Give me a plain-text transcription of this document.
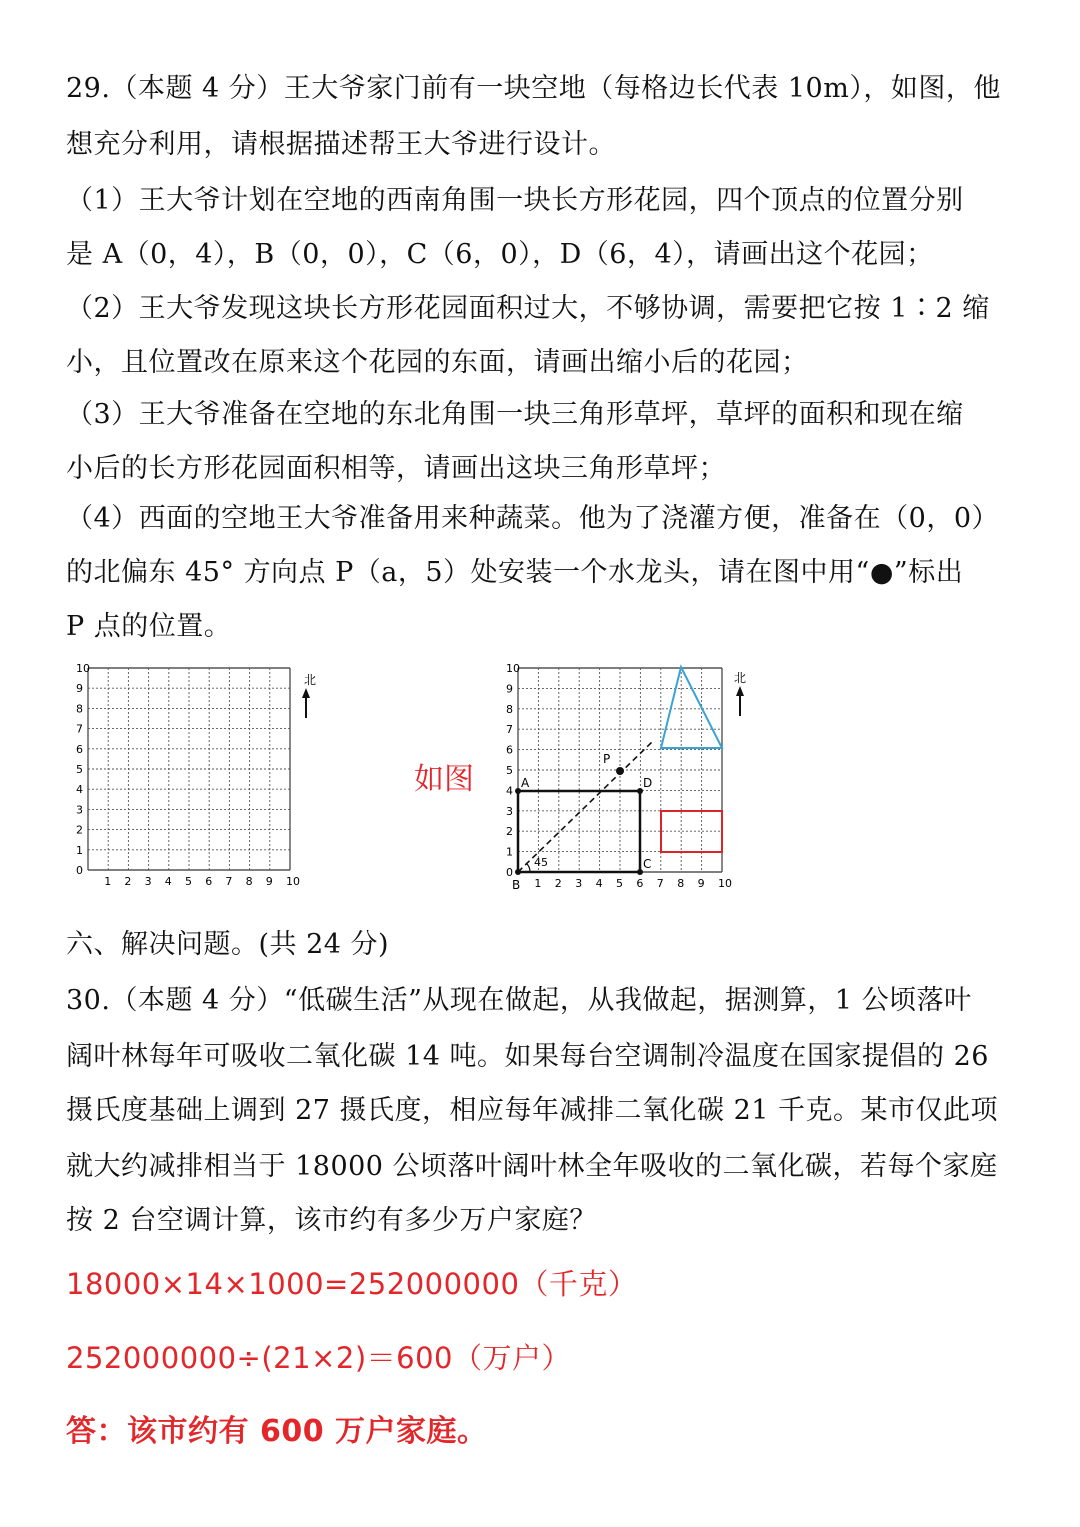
29.（本题 4 分）王大爷家门前有一块空地（每格边长代表 10m），如图，他
想充分利用，请根据描述帮王大爷进行设计。
（1）王大爷计划在空地的西南角围一块长方形花园，四个顶点的位置分别
是 A（0，4），B（0，0），C（6，0），D（6，4），请画出这个花园；
（2）王大爷发现这块长方形花园面积过大，不够协调，需要把它按 1∶2 缩
小，且位置改在原来这个花园的东面，请画出缩小后的花园；
（3）王大爷准备在空地的东北角围一块三角形草坪，草坪的面积和现在缩
小后的长方形花园面积相等，请画出这块三角形草坪；
（4）西面的空地王大爷准备用来种蔬菜。他为了浇灌方便，准备在（0，0）
的北偏东 45° 方向点 P（a，5）处安装一个水龙头，请在图中用“●”标出
P 点的位置。
0
1
1
2
2
3
3
4
4
5
5
6
6
7
7
8
8
9
9
10
10
北
如图
0
1
1
2
2
3
3
4
4
5
5
6
6
7
7
8
8
9
9
10
10
A
B
C
D
45
P
北
六、解决问题。(共 24 分)
30.（本题 4 分）“低碳生活”从现在做起，从我做起，据测算，1 公顷落叶
阔叶林每年可吸收二氧化碳 14 吨。如果每台空调制冷温度在国家提倡的 26
摄氏度基础上调到 27 摄氏度，相应每年减排二氧化碳 21 千克。某市仅此项
就大约减排相当于 18000 公顷落叶阔叶林全年吸收的二氧化碳，若每个家庭
按 2 台空调计算，该市约有多少万户家庭？
18000×14×1000=252000000（千克）
252000000÷(21×2)＝600（万户）
答：该市约有 600 万户家庭。
